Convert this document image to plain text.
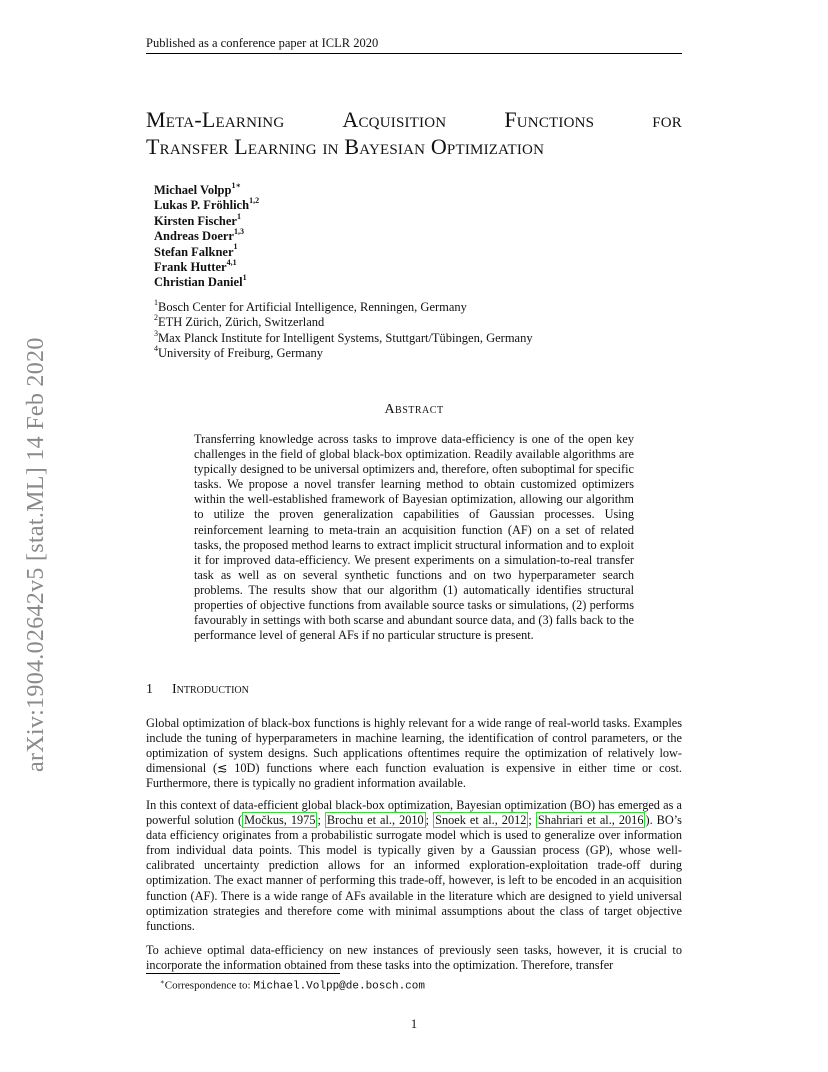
Published as a conference paper at ICLR 2020
arXiv:1904.02642v5 [stat.ML] 14 Feb 2020
Meta-Learning	Acquisition	Functions	for
Transfer Learning in Bayesian Optimization
Michael Volpp$^{1∗}$
Lukas P. Fröhlich$^{1,2}$
Kirsten Fischer$^1$
Andreas Doerr$^{1,3}$
Stefan Falkner$^1$
Frank Hutter$^{4,1}$
Christian Daniel$^1$
$^1$Bosch Center for Artificial Intelligence, Renningen, Germany
$^2$ETH Zürich, Zürich, Switzerland
$^3$Max Planck Institute for Intelligent Systems, Stuttgart/Tübingen, Germany
$^4$University of Freiburg, Germany
Abstract
Transferring knowledge across tasks to improve data-efficiency is one of the open key challenges in the field of global black-box optimization. Readily available algorithms are typically designed to be universal optimizers and, therefore, often suboptimal for specific tasks. We propose a novel transfer learning method to obtain customized optimizers within the well-established framework of Bayesian optimization, allowing our algorithm to utilize the proven generalization capabilities of Gaussian processes. Using reinforcement learning to meta-train an acquisition function (AF) on a set of related tasks, the proposed method learns to extract implicit structural information and to exploit it for improved data-efficiency. We present experiments on a simulation-to-real transfer task as well as on several synthetic functions and on two hyperparameter search problems. The results show that our algorithm (1) automatically identifies structural properties of objective functions from available source tasks or simulations, (2) performs favourably in settings with both scarse and abundant source data, and (3) falls back to the performance level of general AFs if no particular structure is present.
1 Introduction
Global optimization of black-box functions is highly relevant for a wide range of real-world tasks. Examples include the tuning of hyperparameters in machine learning, the identification of control parameters, or the optimization of system designs. Such applications oftentimes require the optimization of relatively low-dimensional (≲ 10D) functions where each function evaluation is expensive in either time or cost. Furthermore, there is typically no gradient information available.
In this context of data-efficient global black-box optimization, Bayesian optimization (BO) has emerged as a powerful solution ( Močkus, 1975 ; Brochu et al., 2010 ; Snoek et al., 2012 ; Shahriari et al., 2016 ). BO’s data efficiency originates from a probabilistic surrogate model which is used to generalize over information from individual data points. This model is typically given by a Gaussian process (GP), whose well-calibrated uncertainty prediction allows for an informed exploration-exploitation trade-off during optimization. The exact manner of performing this trade-off, however, is left to be encoded in an acquisition function (AF). There is a wide range of AFs available in the literature which are designed to yield universal optimization strategies and therefore come with minimal assumptions about the class of target objective functions.
To achieve optimal data-efficiency on new instances of previously seen tasks, however, it is crucial to incorporate the information obtained from these tasks into the optimization. Therefore, transfer
∗Correspondence to: Michael.Volpp@de.bosch.com
1
